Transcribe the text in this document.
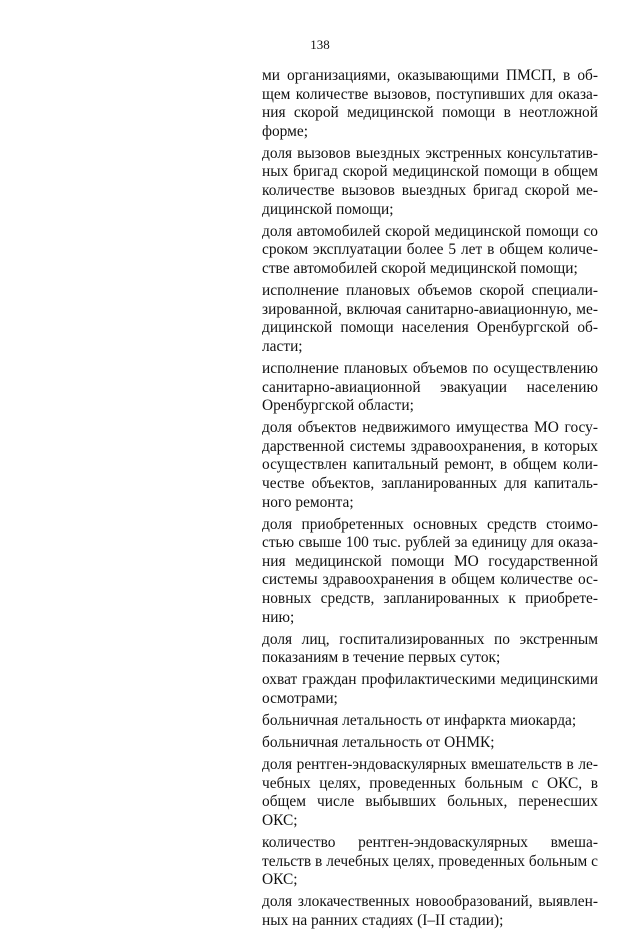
138
ми организациями, оказывающими ПМСП, в об-
щем количестве вызовов, поступивших для оказа-
ния скорой медицинской помощи в неотложной
форме;
доля вызовов выездных экстренных консультатив-
ных бригад скорой медицинской помощи в общем
количестве вызовов выездных бригад скорой ме-
дицинской помощи;
доля автомобилей скорой медицинской помощи со
сроком эксплуатации более 5 лет в общем количе-
стве автомобилей скорой медицинской помощи;
исполнение плановых объемов скорой специали-
зированной, включая санитарно-авиационную, ме-
дицинской помощи населения Оренбургской об-
ласти;
исполнение плановых объемов по осуществлению
санитарно-авиационной эвакуации населению
Оренбургской области;
доля объектов недвижимого имущества МО госу-
дарственной системы здравоохранения, в которых
осуществлен капитальный ремонт, в общем коли-
честве объектов, запланированных для капиталь-
ного ремонта;
доля приобретенных основных средств стоимо-
стью свыше 100 тыс. рублей за единицу для оказа-
ния медицинской помощи МО государственной
системы здравоохранения в общем количестве ос-
новных средств, запланированных к приобрете-
нию;
доля лиц, госпитализированных по экстренным
показаниям в течение первых суток;
охват граждан профилактическими медицинскими
осмотрами;
больничная летальность от инфаркта миокарда;
больничная летальность от ОНМК;
доля рентген-эндоваскулярных вмешательств в ле-
чебных целях, проведенных больным с ОКС, в
общем числе выбывших больных, перенесших
ОКС;
количество рентген-эндоваскулярных вмеша-
тельств в лечебных целях, проведенных больным с
ОКС;
доля злокачественных новообразований, выявлен-
ных на ранних стадиях (I–II стадии);
